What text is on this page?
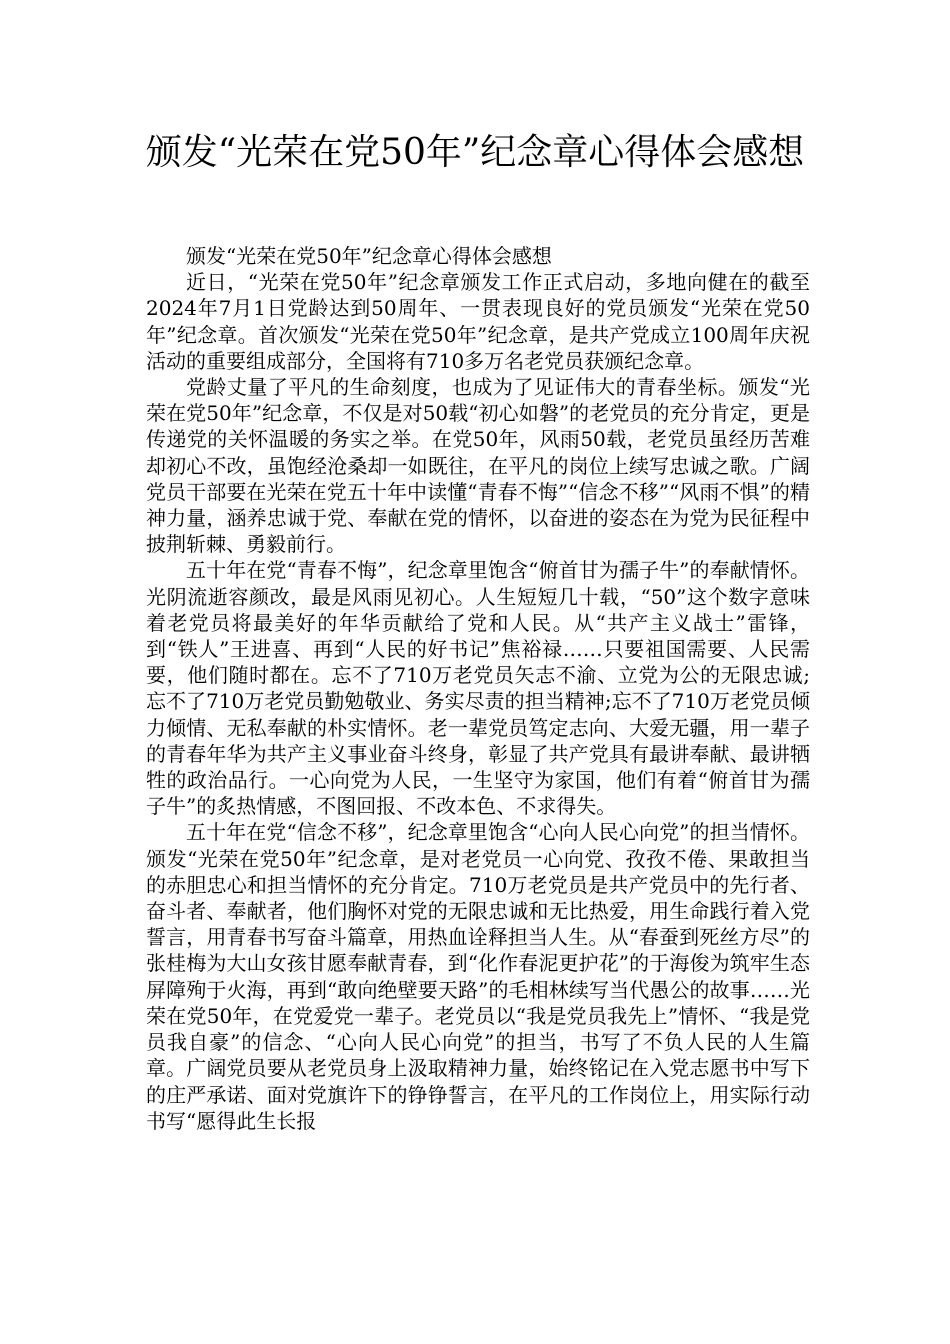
颁发“光荣在党50年”纪念章心得体会感想

颁发“光荣在党50年”纪念章心得体会感想

近日，“光荣在党50年”纪念章颁发工作正式启动，多地向健在的截至2024年7月1日党龄达到50周年、一贯表现良好的党员颁发“光荣在党50年”纪念章。首次颁发“光荣在党50年”纪念章，是共产党成立100周年庆祝活动的重要组成部分，全国将有710多万名老党员获颁纪念章。

党龄丈量了平凡的生命刻度，也成为了见证伟大的青春坐标。颁发“光荣在党50年”纪念章，不仅是对50载“初心如磐”的老党员的充分肯定，更是传递党的关怀温暖的务实之举。在党50年，风雨50载，老党员虽经历苦难却初心不改，虽饱经沧桑却一如既往，在平凡的岗位上续写忠诚之歌。广阔党员干部要在光荣在党五十年中读懂“青春不悔”“信念不移”“风雨不惧”的精神力量，涵养忠诚于党、奉献在党的情怀，以奋进的姿态在为党为民征程中披荆斩棘、勇毅前行。

五十年在党“青春不悔”，纪念章里饱含“俯首甘为孺子牛”的奉献情怀。光阴流逝容颜改，最是风雨见初心。人生短短几十载，“50”这个数字意味着老党员将最美好的年华贡献给了党和人民。从“共产主义战士”雷锋，到“铁人”王进喜、再到“人民的好书记”焦裕禄……只要祖国需要、人民需要，他们随时都在。忘不了710万老党员矢志不渝、立党为公的无限忠诚;忘不了710万老党员勤勉敬业、务实尽责的担当精神;忘不了710万老党员倾力倾情、无私奉献的朴实情怀。老一辈党员笃定志向、大爱无疆，用一辈子的青春年华为共产主义事业奋斗终身，彰显了共产党具有最讲奉献、最讲牺牲的政治品行。一心向党为人民，一生坚守为家国，他们有着“俯首甘为孺子牛”的炙热情感，不图回报、不改本色、不求得失。

五十年在党“信念不移”，纪念章里饱含“心向人民心向党”的担当情怀。颁发“光荣在党50年”纪念章，是对老党员一心向党、孜孜不倦、果敢担当的赤胆忠心和担当情怀的充分肯定。710万老党员是共产党员中的先行者、奋斗者、奉献者，他们胸怀对党的无限忠诚和无比热爱，用生命践行着入党誓言，用青春书写奋斗篇章，用热血诠释担当人生。从“春蚕到死丝方尽”的张桂梅为大山女孩甘愿奉献青春，到“化作春泥更护花”的于海俊为筑牢生态屏障殉于火海，再到“敢向绝壁要天路”的毛相林续写当代愚公的故事……光荣在党50年，在党爱党一辈子。老党员以“我是党员我先上”情怀、“我是党员我自豪”的信念、“心向人民心向党”的担当，书写了不负人民的人生篇章。广阔党员要从老党员身上汲取精神力量，始终铭记在入党志愿书中写下的庄严承诺、面对党旗许下的铮铮誓言，在平凡的工作岗位上，用实际行动书写“愿得此生长报
